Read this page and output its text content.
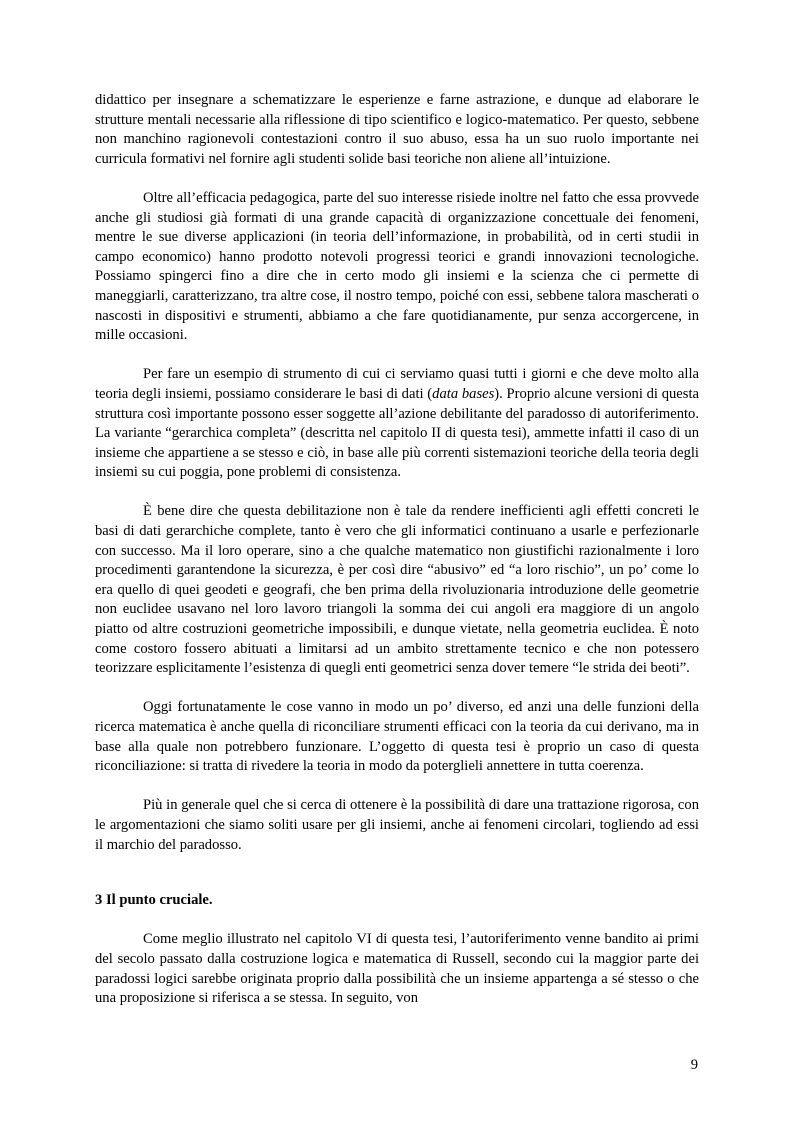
didattico per insegnare a schematizzare le esperienze e farne astrazione, e dunque ad elaborare le strutture mentali necessarie alla riflessione di tipo scientifico e logico-matematico. Per questo, sebbene non manchino ragionevoli contestazioni contro il suo abuso, essa ha un suo ruolo importante nei curricula formativi nel fornire agli studenti solide basi teoriche non aliene all’intuizione.

Oltre all’efficacia pedagogica, parte del suo interesse risiede inoltre nel fatto che essa provvede anche gli studiosi già formati di una grande capacità di organizzazione concettuale dei fenomeni, mentre le sue diverse applicazioni (in teoria dell’informazione, in probabilità, od in certi studii in campo economico) hanno prodotto notevoli progressi teorici e grandi innovazioni tecnologiche. Possiamo spingerci fino a dire che in certo modo gli insiemi e la scienza che ci permette di maneggiarli, caratterizzano, tra altre cose, il nostro tempo, poiché con essi, sebbene talora mascherati o nascosti in dispositivi e strumenti, abbiamo a che fare quotidianamente, pur senza accorgercene, in mille occasioni.

Per fare un esempio di strumento di cui ci serviamo quasi tutti i giorni e che deve molto alla teoria degli insiemi, possiamo considerare le basi di dati (data bases). Proprio alcune versioni di questa struttura così importante possono esser soggette all’azione debilitante del paradosso di autoriferimento. La variante “gerarchica completa” (descritta nel capitolo II di questa tesi), ammette infatti il caso di un insieme che appartiene a se stesso e ciò, in base alle più correnti sistemazioni teoriche della teoria degli insiemi su cui poggia, pone problemi di consistenza.

È bene dire che questa debilitazione non è tale da rendere inefficienti agli effetti concreti le basi di dati gerarchiche complete, tanto è vero che gli informatici continuano a usarle e perfezionarle con successo. Ma il loro operare, sino a che qualche matematico non giustifichi razionalmente i loro procedimenti garantendone la sicurezza, è per così dire “abusivo” ed “a loro rischio”, un po’ come lo era quello di quei geodeti e geografi, che ben prima della rivoluzionaria introduzione delle geometrie non euclidee usavano nel loro lavoro triangoli la somma dei cui angoli era maggiore di un angolo piatto od altre costruzioni geometriche impossibili, e dunque vietate, nella geometria euclidea. È noto come costoro fossero abituati a limitarsi ad un ambito strettamente tecnico e che non potessero teorizzare esplicitamente l’esistenza di quegli enti geometrici senza dover temere “le strida dei beoti”.

Oggi fortunatamente le cose vanno in modo un po’ diverso, ed anzi una delle funzioni della ricerca matematica è anche quella di riconciliare strumenti efficaci con la teoria da cui derivano, ma in base alla quale non potrebbero funzionare. L’oggetto di questa tesi è proprio un caso di questa riconciliazione: si tratta di rivedere la teoria in modo da poterglieli annettere in tutta coerenza.

Più in generale quel che si cerca di ottenere è la possibilità di dare una trattazione rigorosa, con le argomentazioni che siamo soliti usare per gli insiemi, anche ai fenomeni circolari, togliendo ad essi il marchio del paradosso.

3 Il punto cruciale.

Come meglio illustrato nel capitolo VI di questa tesi, l’autoriferimento venne bandito ai primi del secolo passato dalla costruzione logica e matematica di Russell, secondo cui la maggior parte dei paradossi logici sarebbe originata proprio dalla possibilità che un insieme appartenga a sé stesso o che una proposizione si riferisca a se stessa. In seguito, von

9
